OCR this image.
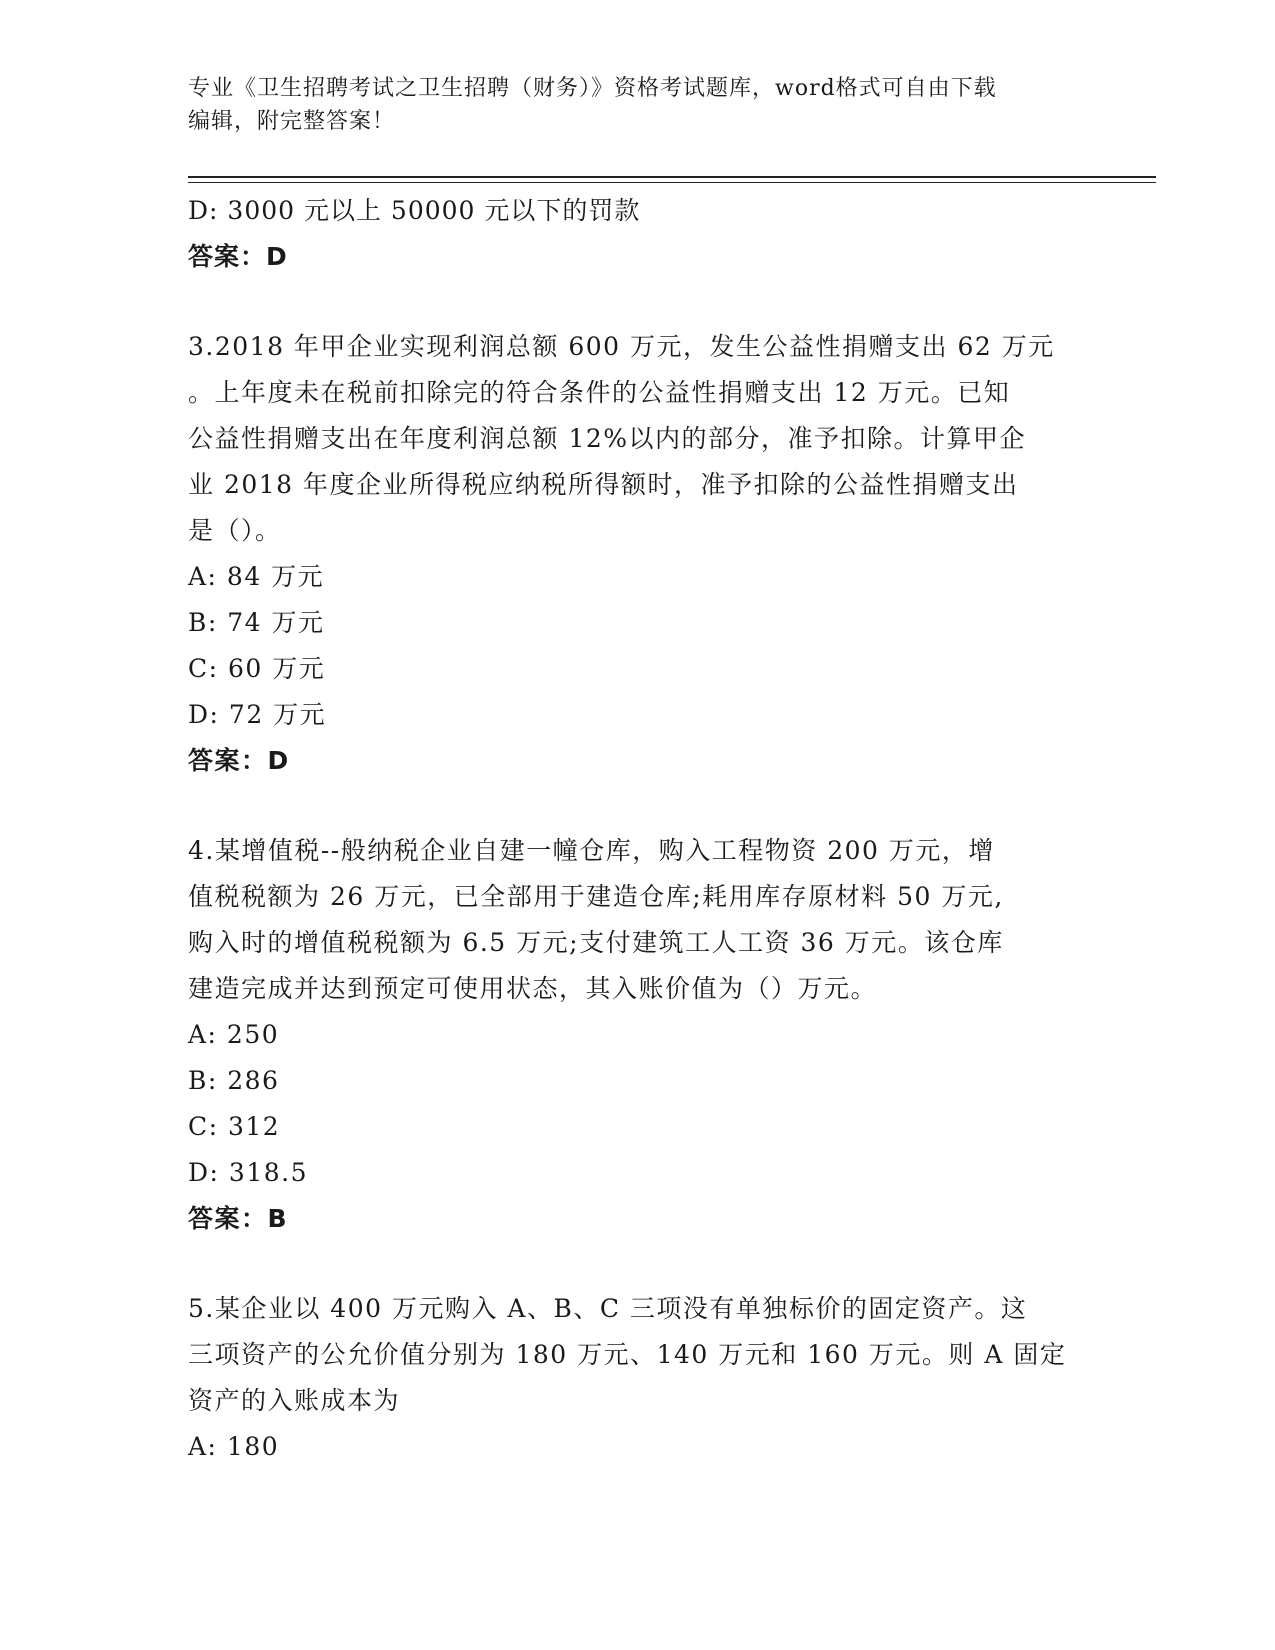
专业《卫生招聘考试之卫生招聘（财务）》资格考试题库，word格式可自由下载
编辑，附完整答案！
D: 3000 元以上 50000 元以下的罚款
答案：D
3.2018 年甲企业实现利润总额 600 万元，发生公益性捐赠支出 62 万元
。上年度未在税前扣除完的符合条件的公益性捐赠支出 12 万元。已知
公益性捐赠支出在年度利润总额 12%以内的部分，准予扣除。计算甲企
业 2018 年度企业所得税应纳税所得额时，准予扣除的公益性捐赠支出
是（）。
A: 84 万元
B: 74 万元
C: 60 万元
D: 72 万元
答案：D
4.某增值税--般纳税企业自建一幢仓库，购入工程物资 200 万元，增
值税税额为 26 万元，已全部用于建造仓库;耗用库存原材料 50 万元,
购入时的增值税税额为 6.5 万元;支付建筑工人工资 36 万元。该仓库
建造完成并达到预定可使用状态，其入账价值为（）万元。
A: 250
B: 286
C: 312
D: 318.5
答案：B
5.某企业以 400 万元购入 A、B、C 三项没有单独标价的固定资产。这
三项资产的公允价值分别为 180 万元、140 万元和 160 万元。则 A 固定
资产的入账成本为
A: 180
